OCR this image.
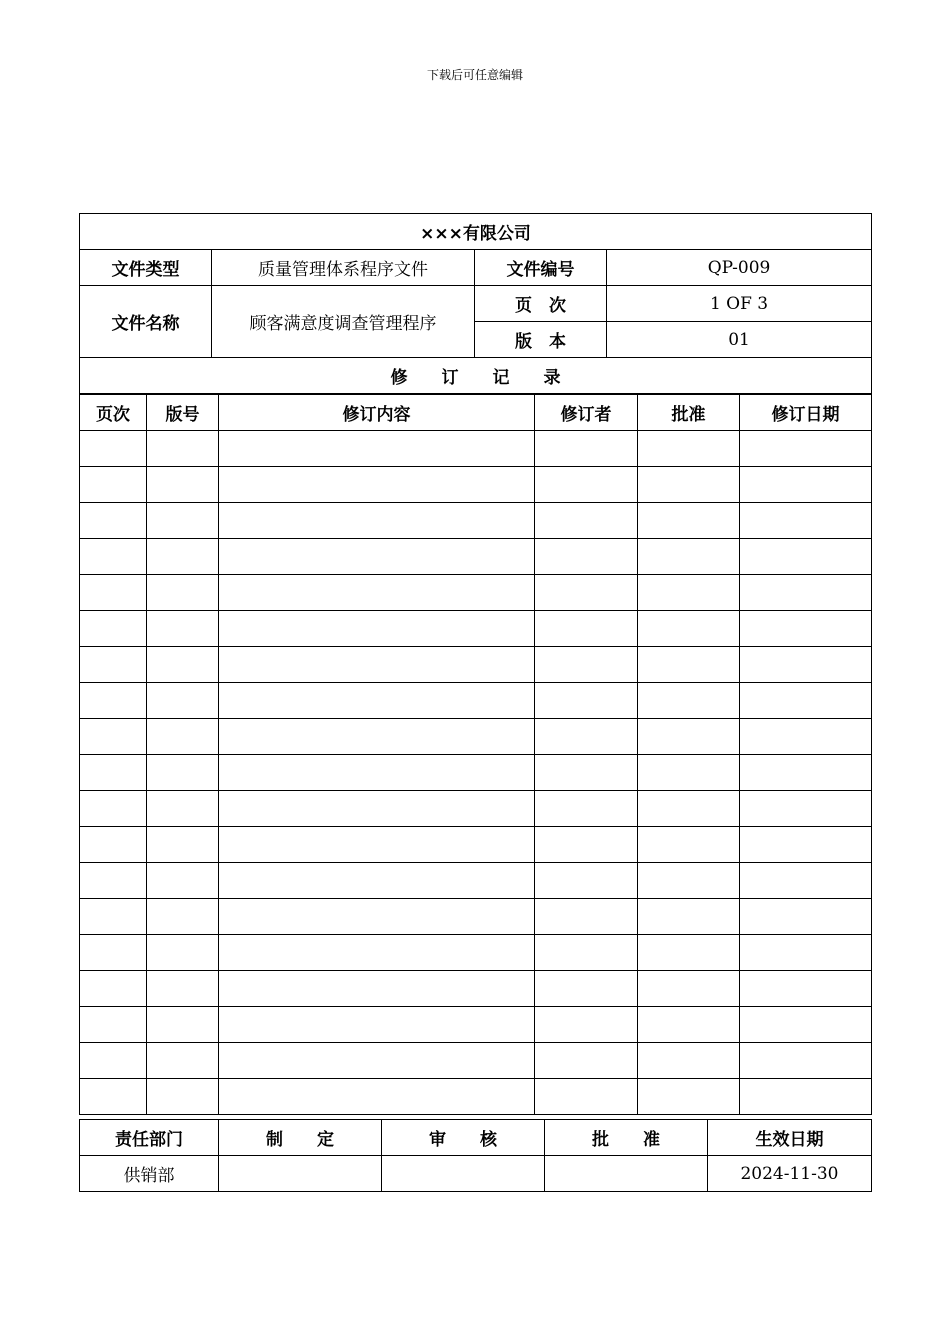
下载后可任意编辑
×××有限公司			
文件类型	质量管理体系程序文件	文件编号	QP-009
文件名称	顾客满意度调查管理程序	页　次	1 OF 3
		版　本	01
修　　订　　记　　录			
页次	版号	修订内容	修订者	批准	修订日期

责任部门	制　　定	审　　核	批　　准	生效日期
供销部				2024-11-30
